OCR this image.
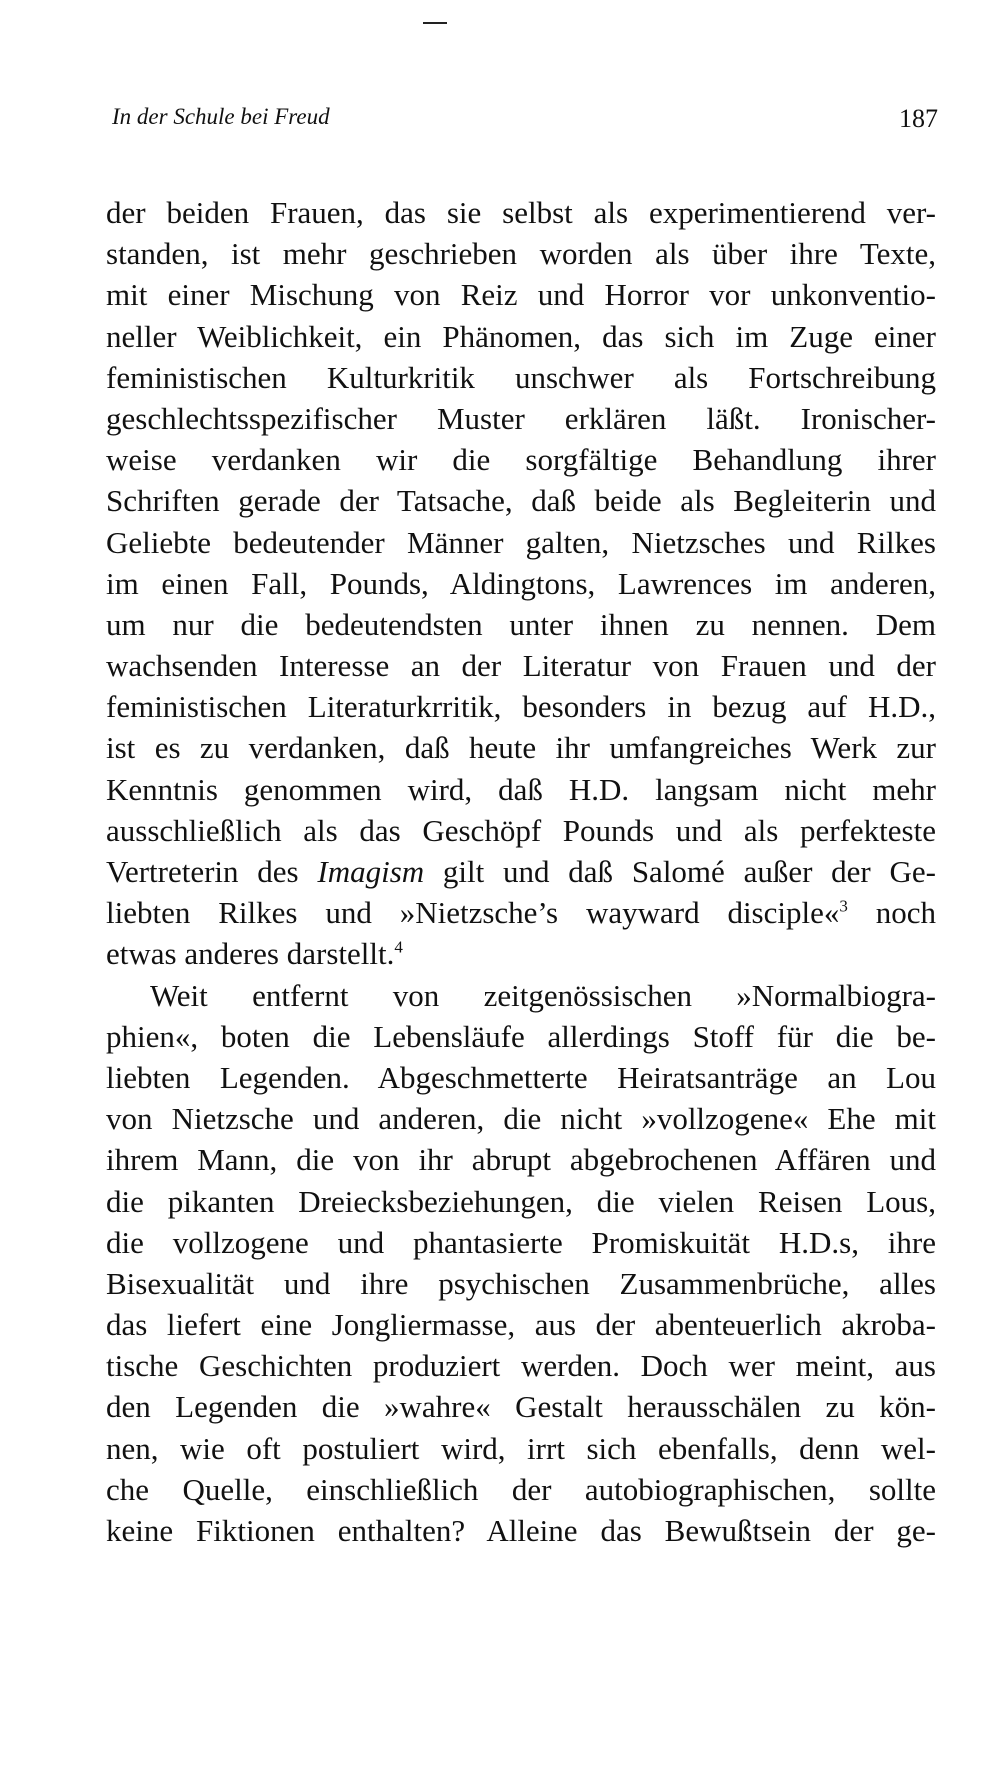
In der Schule bei Freud	187
der beiden Frauen, das sie selbst als experimentierend ver-
standen, ist mehr geschrieben worden als über ihre Texte,
mit einer Mischung von Reiz und Horror vor unkonventio-
neller Weiblichkeit, ein Phänomen, das sich im Zuge einer
feministischen Kulturkritik unschwer als Fortschreibung
geschlechtsspezifischer Muster erklären läßt. Ironischer-
weise verdanken wir die sorgfältige Behandlung ihrer
Schriften gerade der Tatsache, daß beide als Begleiterin und
Geliebte bedeutender Männer galten, Nietzsches und Rilkes
im einen Fall, Pounds, Aldingtons, Lawrences im anderen,
um nur die bedeutendsten unter ihnen zu nennen. Dem
wachsenden Interesse an der Literatur von Frauen und der
feministischen Literaturkrritik, besonders in bezug auf H.D.,
ist es zu verdanken, daß heute ihr umfangreiches Werk zur
Kenntnis genommen wird, daß H.D. langsam nicht mehr
ausschließlich als das Geschöpf Pounds und als perfekteste
Vertreterin des Imagism gilt und daß Salomé außer der Ge-
liebten Rilkes und »Nietzsche’s wayward disciple«$^3$ noch
etwas anderes darstellt.$^4$
Weit entfernt von zeitgenössischen »Normalbiogra-
phien«, boten die Lebensläufe allerdings Stoff für die be-
liebten Legenden. Abgeschmetterte Heiratsanträge an Lou
von Nietzsche und anderen, die nicht »vollzogene« Ehe mit
ihrem Mann, die von ihr abrupt abgebrochenen Affären und
die pikanten Dreiecksbeziehungen, die vielen Reisen Lous,
die vollzogene und phantasierte Promiskuität H.D.s, ihre
Bisexualität und ihre psychischen Zusammenbrüche, alles
das liefert eine Jongliermasse, aus der abenteuerlich akroba-
tische Geschichten produziert werden. Doch wer meint, aus
den Legenden die »wahre« Gestalt herausschälen zu kön-
nen, wie oft postuliert wird, irrt sich ebenfalls, denn wel-
che Quelle, einschließlich der autobiographischen, sollte
keine Fiktionen enthalten? Alleine das Bewußtsein der ge-
